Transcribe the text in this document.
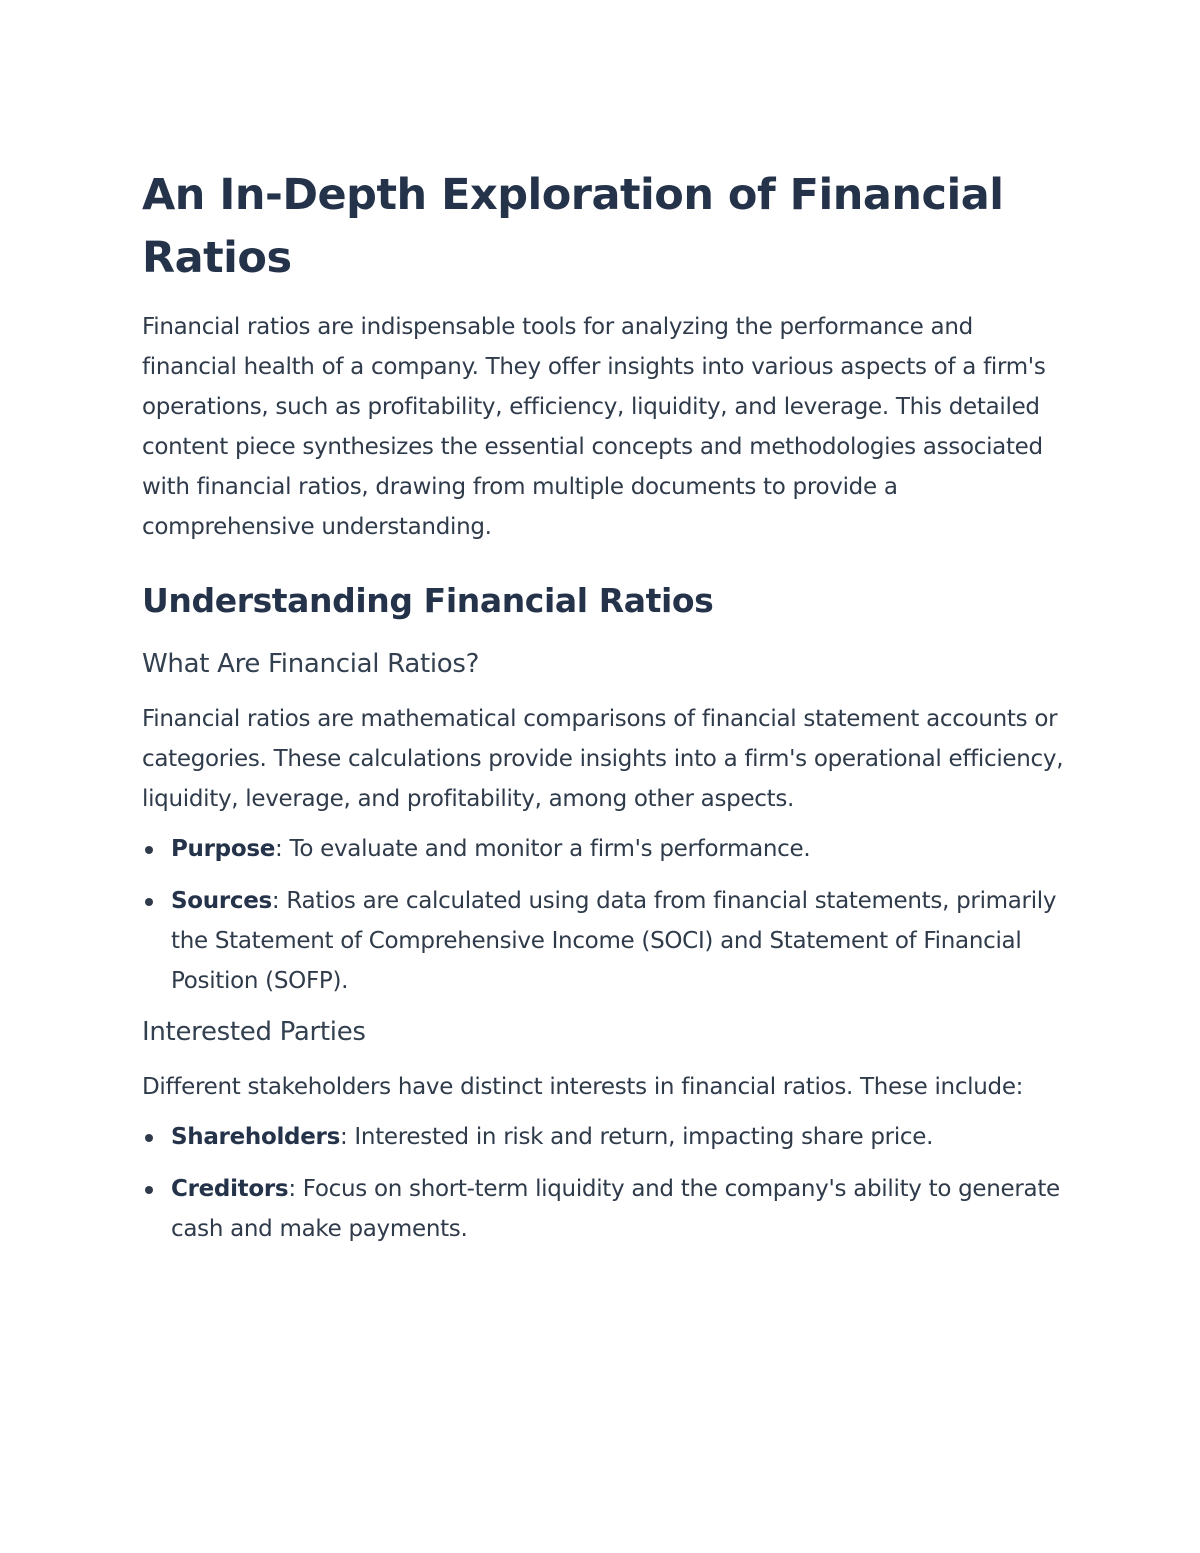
An In-Depth Exploration of Financial Ratios

Financial ratios are indispensable tools for analyzing the performance and financial health of a company. They offer insights into various aspects of a firm's operations, such as profitability, efficiency, liquidity, and leverage. This detailed content piece synthesizes the essential concepts and methodologies associated with financial ratios, drawing from multiple documents to provide a comprehensive understanding.

Understanding Financial Ratios
What Are Financial Ratios?

Financial ratios are mathematical comparisons of financial statement accounts or categories. These calculations provide insights into a firm's operational efficiency, liquidity, leverage, and profitability, among other aspects.

Purpose: To evaluate and monitor a firm's performance.
Sources: Ratios are calculated using data from financial statements, primarily the Statement of Comprehensive Income (SOCI) and Statement of Financial Position (SOFP).
Interested Parties

Different stakeholders have distinct interests in financial ratios. These include:

Shareholders: Interested in risk and return, impacting share price.
Creditors: Focus on short-term liquidity and the company's ability to generate cash and make payments.
